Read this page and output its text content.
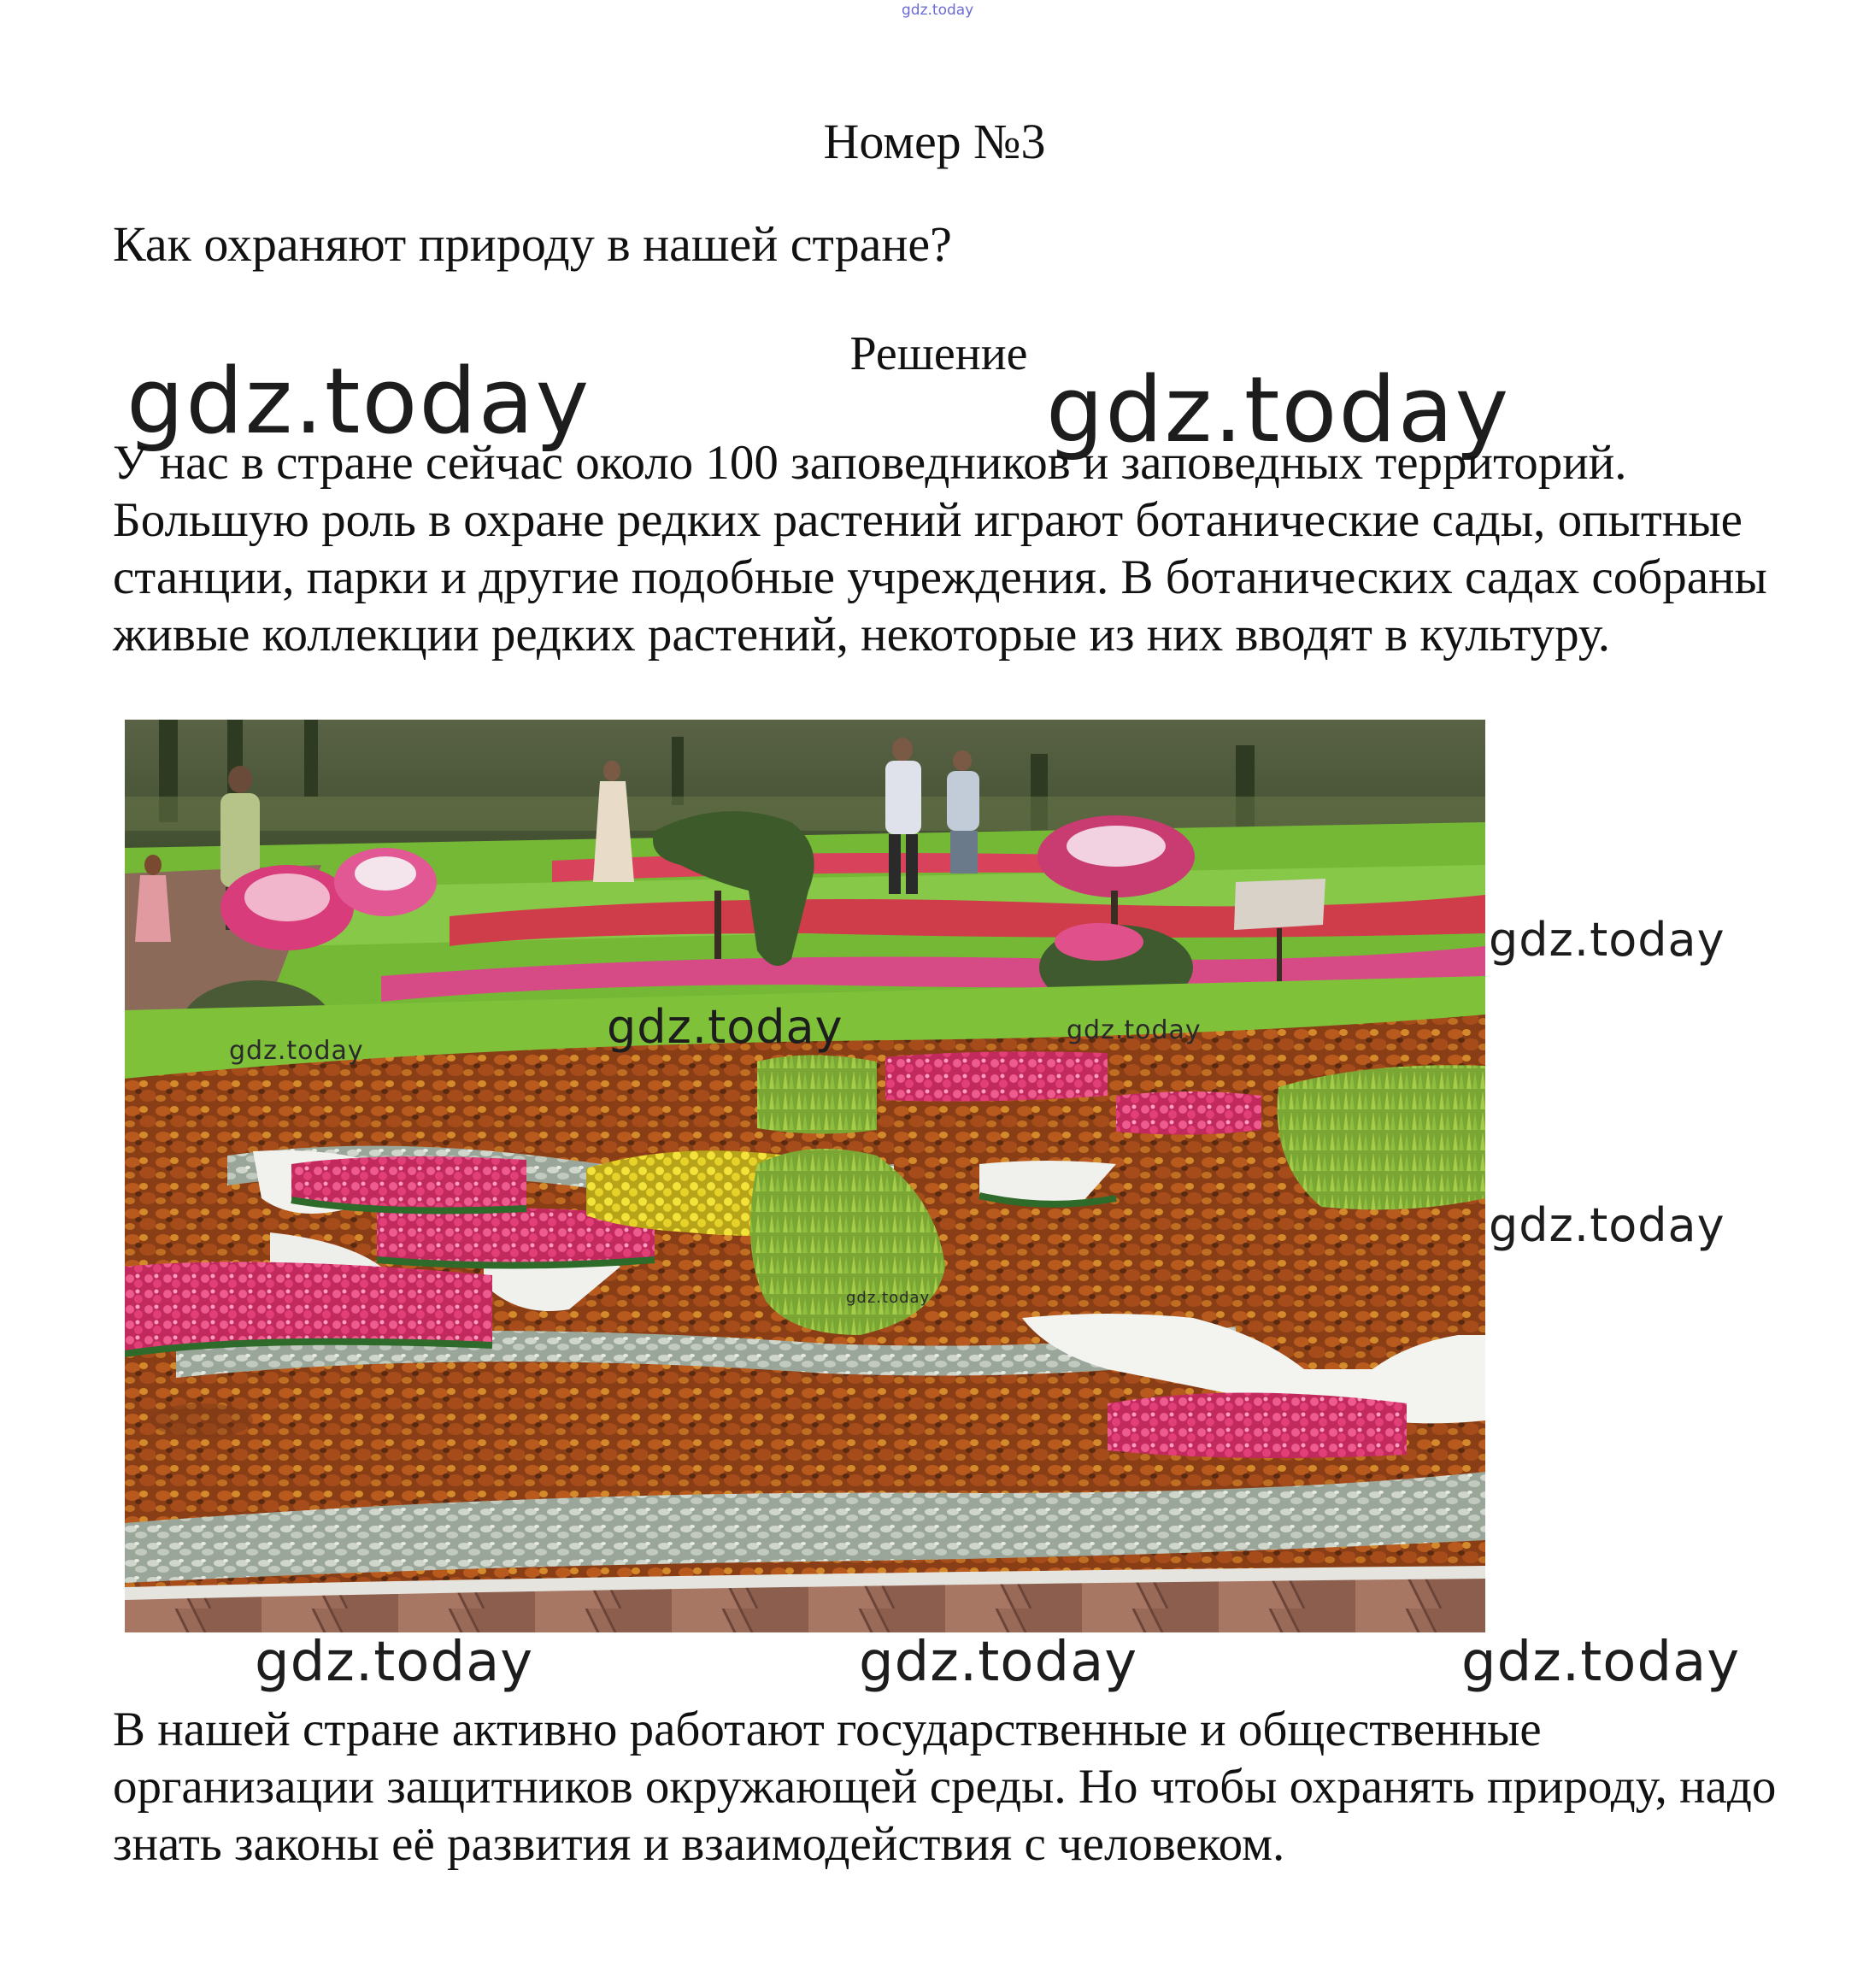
gdz.today
Номер №3
Как охраняют природу в нашей стране?
gdz.today	Решение
gdz.today

У нас в стране сейчас около 100 заповедников и заповедных территорий. Большую роль в охране редких растений играют ботанические сады, опытные станции, парки и другие подобные учреждения. В ботанических садах собраны живые коллекции редких растений, некоторые из них вводят в культуру.

gdz.today
gdz.today
gdz.today	gdz.today
gdz.today
gdz.today
gdz.today	gdz.today	gdz.today

В нашей стране активно работают государственные и общественные организации защитников окружающей среды. Но чтобы охранять природу, надо знать законы её развития и взаимодействия с человеком.
